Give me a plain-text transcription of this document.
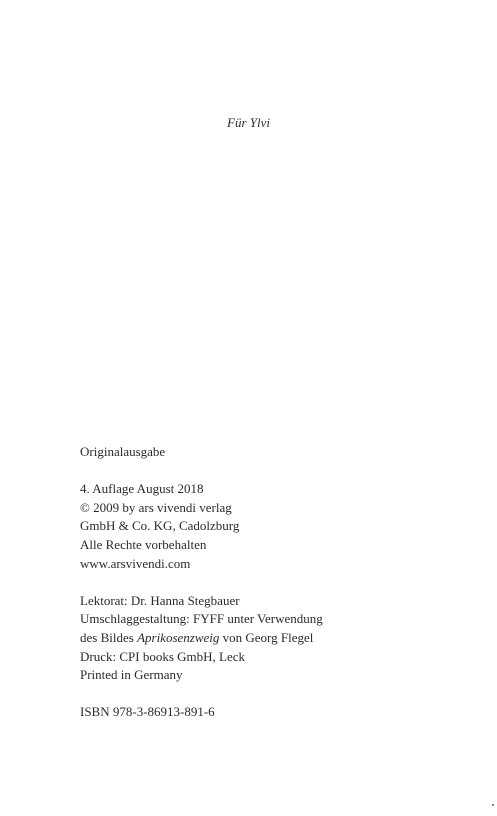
Für Ylvi
Originalausgabe
4. Auflage August 2018
© 2009 by ars vivendi verlag
GmbH & Co. KG, Cadolzburg
Alle Rechte vorbehalten
www.arsvivendi.com
Lektorat: Dr. Hanna Stegbauer
Umschlaggestaltung: FYFF unter Verwendung
des Bildes Aprikosenzweig von Georg Flegel
Druck: CPI books GmbH, Leck
Printed in Germany
ISBN 978-3-86913-891-6
